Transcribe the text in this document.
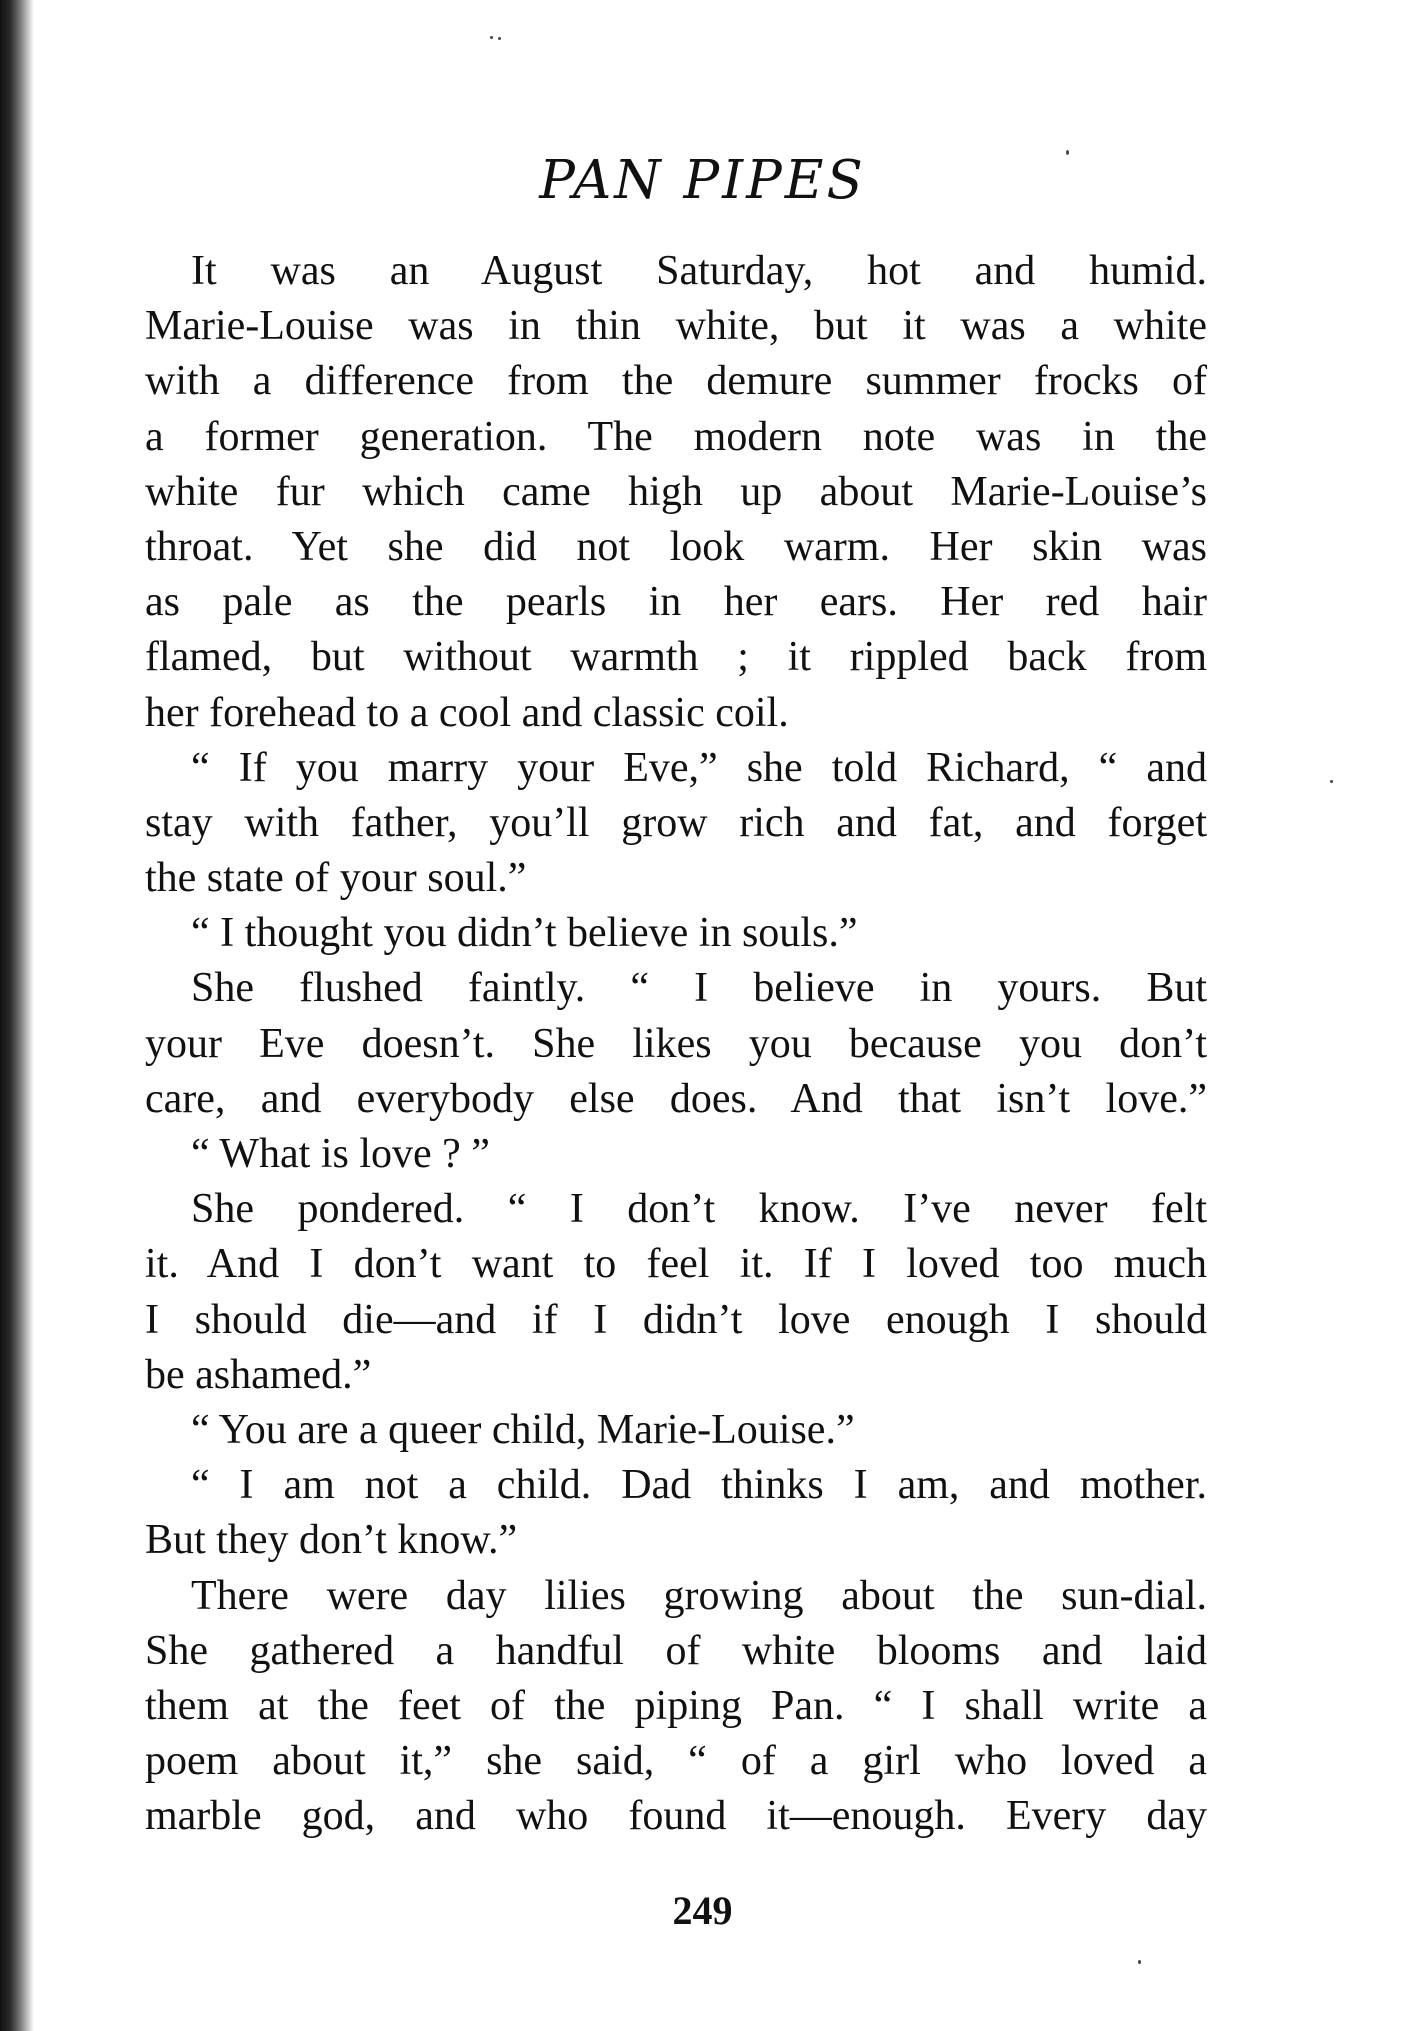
PAN PIPES
It was an August Saturday, hot and humid.
Marie-Louise was in thin white, but it was a white
with a difference from the demure summer frocks of
a former generation. The modern note was in the
white fur which came high up about Marie-Louise’s
throat. Yet she did not look warm. Her skin was
as pale as the pearls in her ears. Her red hair
flamed, but without warmth ; it rippled back from
her forehead to a cool and classic coil.
“ If you marry your Eve,” she told Richard, “ and
stay with father, you’ll grow rich and fat, and forget
the state of your soul.”
“ I thought you didn’t believe in souls.”
She flushed faintly. “ I believe in yours. But
your Eve doesn’t. She likes you because you don’t
care, and everybody else does. And that isn’t love.”
“ What is love ? ”
She pondered. “ I don’t know. I’ve never felt
it. And I don’t want to feel it. If I loved too much
I should die—and if I didn’t love enough I should
be ashamed.”
“ You are a queer child, Marie-Louise.”
“ I am not a child. Dad thinks I am, and mother.
But they don’t know.”
There were day lilies growing about the sun-dial.
She gathered a handful of white blooms and laid
them at the feet of the piping Pan. “ I shall write a
poem about it,” she said, “ of a girl who loved a
marble god, and who found it—enough. Every day
249
